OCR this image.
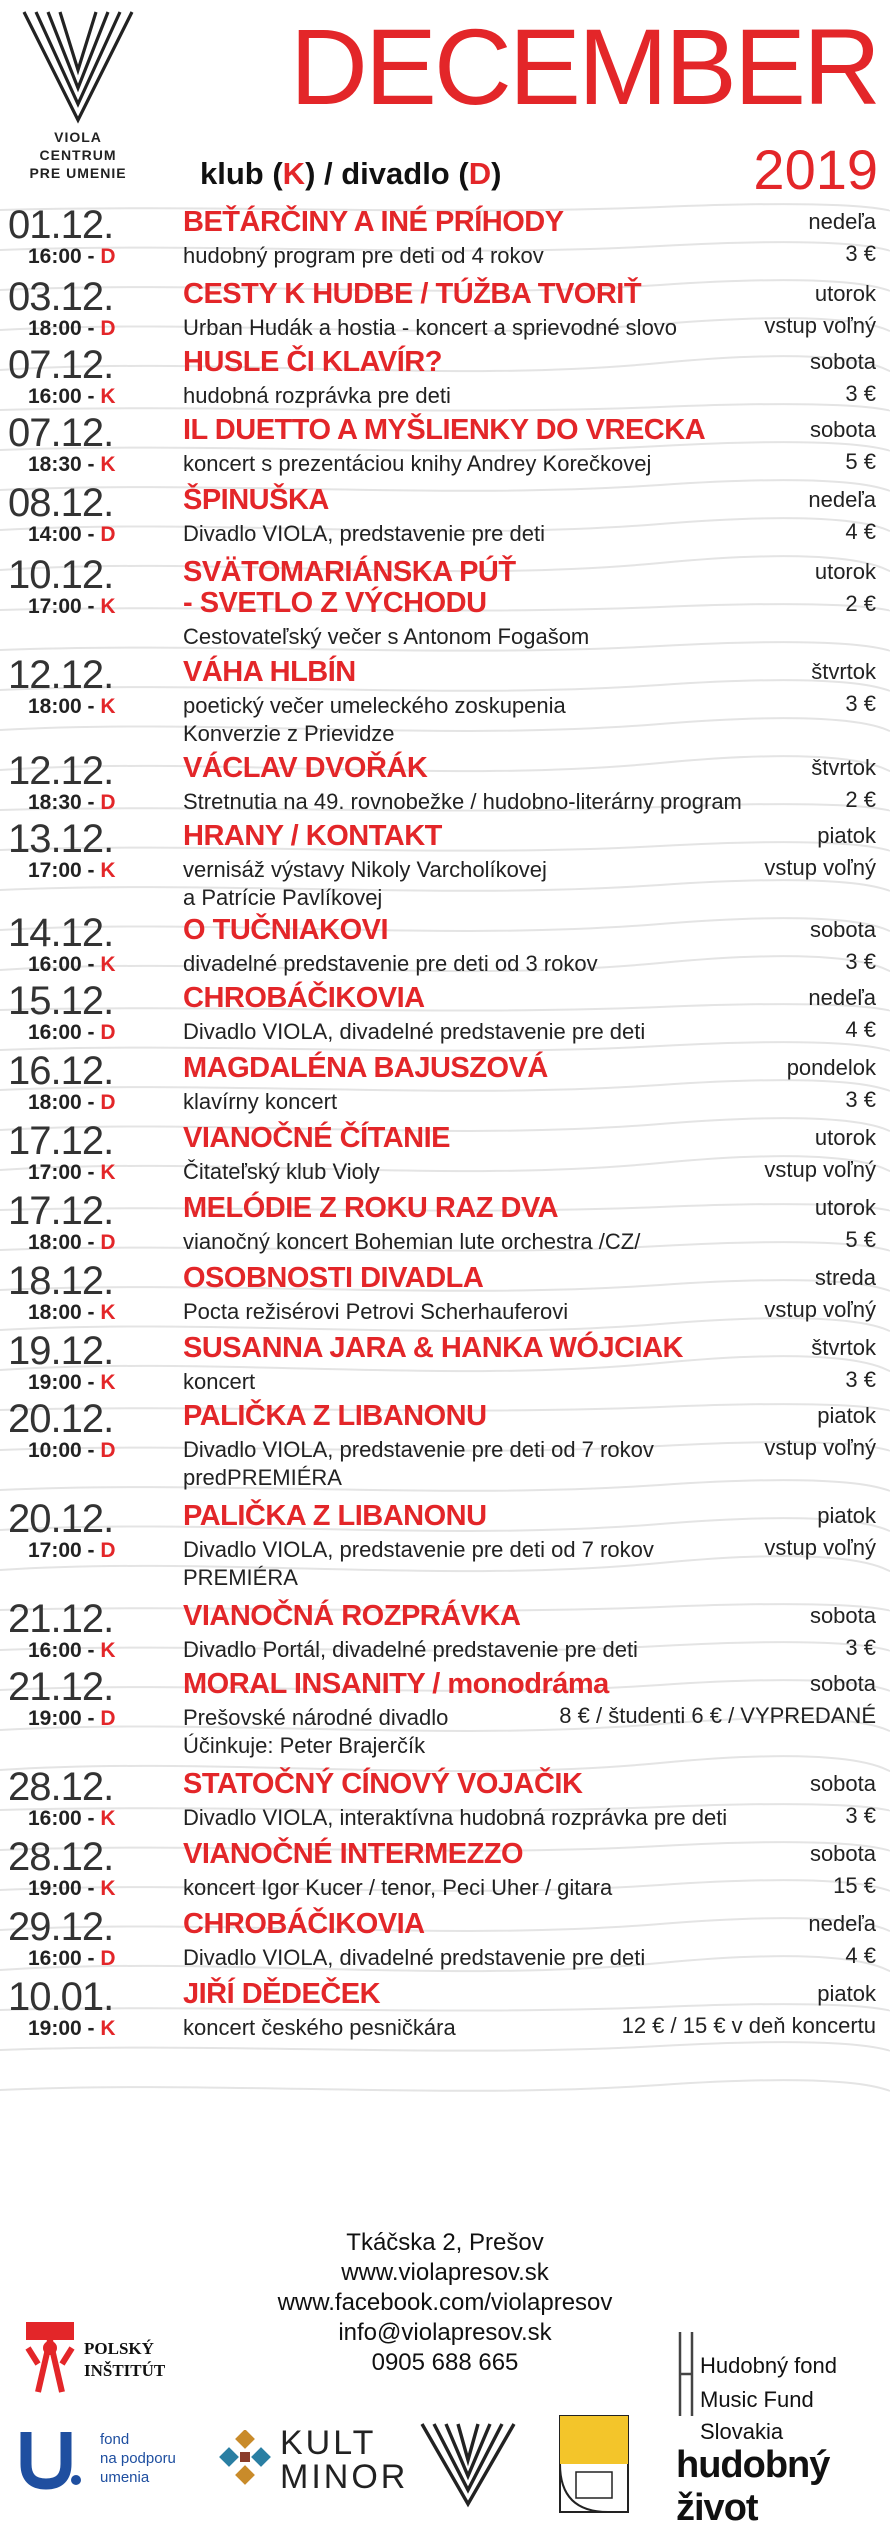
VIOLA
CENTRUM
PRE UMENIE
DECEMBER
2019
klub (K) / divadlo (D)
01.12.
16:00 - D
BEŤÁRČINY A INÉ PRÍHODY
hudobný program pre deti od 4 rokov
nedeľa
3 €
03.12.
18:00 - D
CESTY K HUDBE / TÚŽBA TVORIŤ
Urban Hudák a hostia - koncert a sprievodné slovo
utorok
vstup voľný
07.12.
16:00 - K
HUSLE ČI KLAVÍR?
hudobná rozprávka pre deti
sobota
3 €
07.12.
18:30 - K
IL DUETTO A MYŠLIENKY DO VRECKA
koncert s prezentáciou knihy Andrey Korečkovej
sobota
5 €
08.12.
14:00 - D
ŠPINUŠKA
Divadlo VIOLA, predstavenie pre deti
nedeľa
4 €
10.12.
17:00 - K
SVÄTOMARIÁNSKA PÚŤ
- SVETLO Z VÝCHODU
Cestovateľský večer s Antonom Fogašom
utorok
2 €
12.12.
18:00 - K
VÁHA HLBÍN
poetický večer umeleckého zoskupenia
Konverzie z Prievidze
štvrtok
3 €
12.12.
18:30 - D
VÁCLAV DVOŘÁK
Stretnutia na 49. rovnobežke / hudobno-literárny program
štvrtok
2 €
13.12.
17:00 - K
HRANY / KONTAKT
vernisáž výstavy Nikoly Varcholíkovej
a Patrície Pavlíkovej
piatok
vstup voľný
14.12.
16:00 - K
O TUČNIAKOVI
divadelné predstavenie pre deti od 3 rokov
sobota
3 €
15.12.
16:00 - D
CHROBÁČIKOVIA
Divadlo VIOLA, divadelné predstavenie pre deti
nedeľa
4 €
16.12.
18:00 - D
MAGDALÉNA BAJUSZOVÁ
klavírny koncert
pondelok
3 €
17.12.
17:00 - K
VIANOČNÉ ČÍTANIE
Čitateľský klub Violy
utorok
vstup voľný
17.12.
18:00 - D
MELÓDIE Z ROKU RAZ DVA
vianočný koncert Bohemian lute orchestra /CZ/
utorok
5 €
18.12.
18:00 - K
OSOBNOSTI DIVADLA
Pocta režisérovi Petrovi Scherhauferovi
streda
vstup voľný
19.12.
19:00 - K
SUSANNA JARA & HANKA WÓJCIAK
koncert
štvrtok
3 €
20.12.
10:00 - D
PALIČKA Z LIBANONU
Divadlo VIOLA, predstavenie pre deti od 7 rokov
predPREMIÉRA
piatok
vstup voľný
20.12.
17:00 - D
PALIČKA Z LIBANONU
Divadlo VIOLA, predstavenie pre deti od 7 rokov
PREMIÉRA
piatok
vstup voľný
21.12.
16:00 - K
VIANOČNÁ ROZPRÁVKA
Divadlo Portál, divadelné predstavenie pre deti
sobota
3 €
21.12.
19:00 - D
MORAL INSANITY / monodráma
Prešovské národné divadlo
Účinkuje: Peter Brajerčík
sobota
8 € / študenti 6 € / VYPREDANÉ
28.12.
16:00 - K
STATOČNÝ CÍNOVÝ VOJAČIK
Divadlo VIOLA, interaktívna hudobná rozprávka pre deti
sobota
3 €
28.12.
19:00 - K
VIANOČNÉ INTERMEZZO
koncert Igor Kucer / tenor, Peci Uher / gitara
sobota
15 €
29.12.
16:00 - D
CHROBÁČIKOVIA
Divadlo VIOLA, divadelné predstavenie pre deti
nedeľa
4 €
10.01.
19:00 - K
JIŘÍ DĚDEČEK
koncert českého pesničkára
piatok
12 € / 15 € v deň koncertu
Tkáčska 2, Prešov
www.violapresov.sk
www.facebook.com/violapresov
info@violapresov.sk
0905 688 665
POLSKÝ
INŠTITÚT
fond
na podporu
umenia
KULT
MINOR
Hudobný fond
Music Fund Slovakia
hudobný život
